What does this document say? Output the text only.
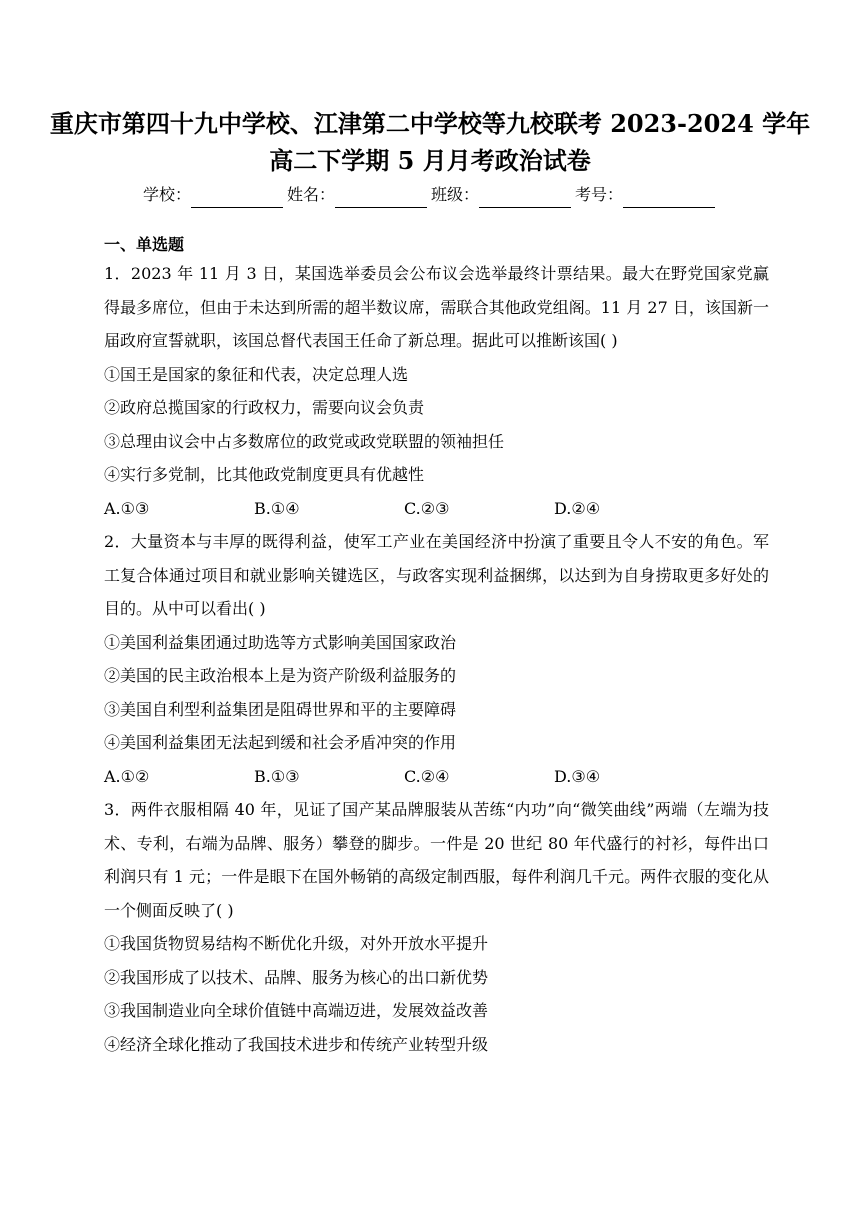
重庆市第四十九中学校、江津第二中学校等九校联考 2023-2024 学年
高二下学期 5 月月考政治试卷
学校：	姓名：	班级：	考号：
一、单选题

1．2023 年 11 月 3 日，某国选举委员会公布议会选举最终计票结果。最大在野党国家党赢得最多席位，但由于未达到所需的超半数议席，需联合其他政党组阁。11 月 27 日，该国新一届政府宣誓就职，该国总督代表国王任命了新总理。据此可以推断该国( )

①国王是国家的象征和代表，决定总理人选

②政府总揽国家的行政权力，需要向议会负责

③总理由议会中占多数席位的政党或政党联盟的领袖担任

④实行多党制，比其他政党制度更具有优越性

A.①③	B.①④	C.②③	D.②④

2．大量资本与丰厚的既得利益，使军工产业在美国经济中扮演了重要且令人不安的角色。军工复合体通过项目和就业影响关键选区，与政客实现利益捆绑，以达到为自身捞取更多好处的目的。从中可以看出( )

①美国利益集团通过助选等方式影响美国国家政治

②美国的民主政治根本上是为资产阶级利益服务的

③美国自利型利益集团是阻碍世界和平的主要障碍

④美国利益集团无法起到缓和社会矛盾冲突的作用

A.①②	B.①③	C.②④	D.③④

3．两件衣服相隔 40 年，见证了国产某品牌服装从苦练“内功”向“微笑曲线”两端（左端为技术、专利，右端为品牌、服务）攀登的脚步。一件是 20 世纪 80 年代盛行的衬衫，每件出口利润只有 1 元；一件是眼下在国外畅销的高级定制西服，每件利润几千元。两件衣服的变化从一个侧面反映了( )

①我国货物贸易结构不断优化升级，对外开放水平提升

②我国形成了以技术、品牌、服务为核心的出口新优势

③我国制造业向全球价值链中高端迈进，发展效益改善

④经济全球化推动了我国技术进步和传统产业转型升级
